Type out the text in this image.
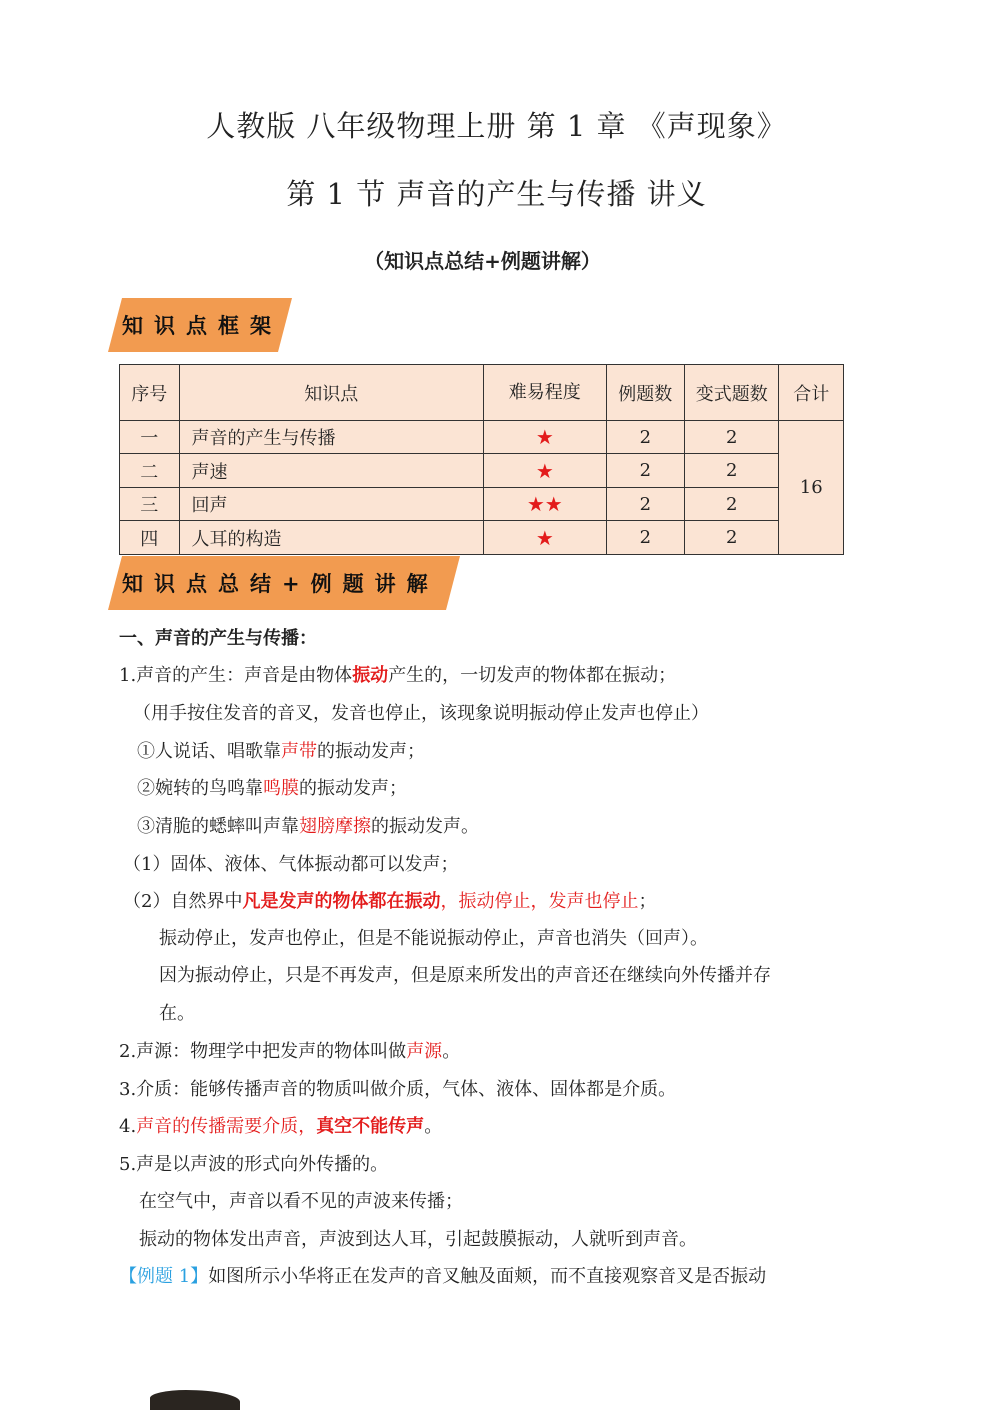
人教版 八年级物理上册 第 1 章 《声现象》
第 1 节 声音的产生与传播 讲义
（知识点总结+例题讲解）
知识点框架
序号	知识点	难易程度	例题数	变式题数	合计
一	声音的产生与传播	★	2	2	16
二	声速	★	2	2	
三	回声	★★	2	2	
四	人耳的构造	★	2	2	
知识点总结+例题讲解
一、声音的产生与传播：
1.声音的产生：声音是由物体振动产生的，一切发声的物体都在振动；
（用手按住发音的音叉，发音也停止，该现象说明振动停止发声也停止）
①人说话、唱歌靠声带的振动发声；
②婉转的鸟鸣靠鸣膜的振动发声；
③清脆的蟋蟀叫声靠翅膀摩擦的振动发声。
（1）固体、液体、气体振动都可以发声；
（2）自然界中凡是发声的物体都在振动，振动停止，发声也停止；
振动停止，发声也停止，但是不能说振动停止，声音也消失（回声）。
因为振动停止，只是不再发声，但是原来所发出的声音还在继续向外传播并存
在。
2.声源：物理学中把发声的物体叫做声源。
3.介质：能够传播声音的物质叫做介质，气体、液体、固体都是介质。
4.声音的传播需要介质，真空不能传声。
5.声是以声波的形式向外传播的。
在空气中，声音以看不见的声波来传播；
振动的物体发出声音，声波到达人耳，引起鼓膜振动，人就听到声音。
【例题 1】如图所示小华将正在发声的音叉触及面颊，而不直接观察音叉是否振动
